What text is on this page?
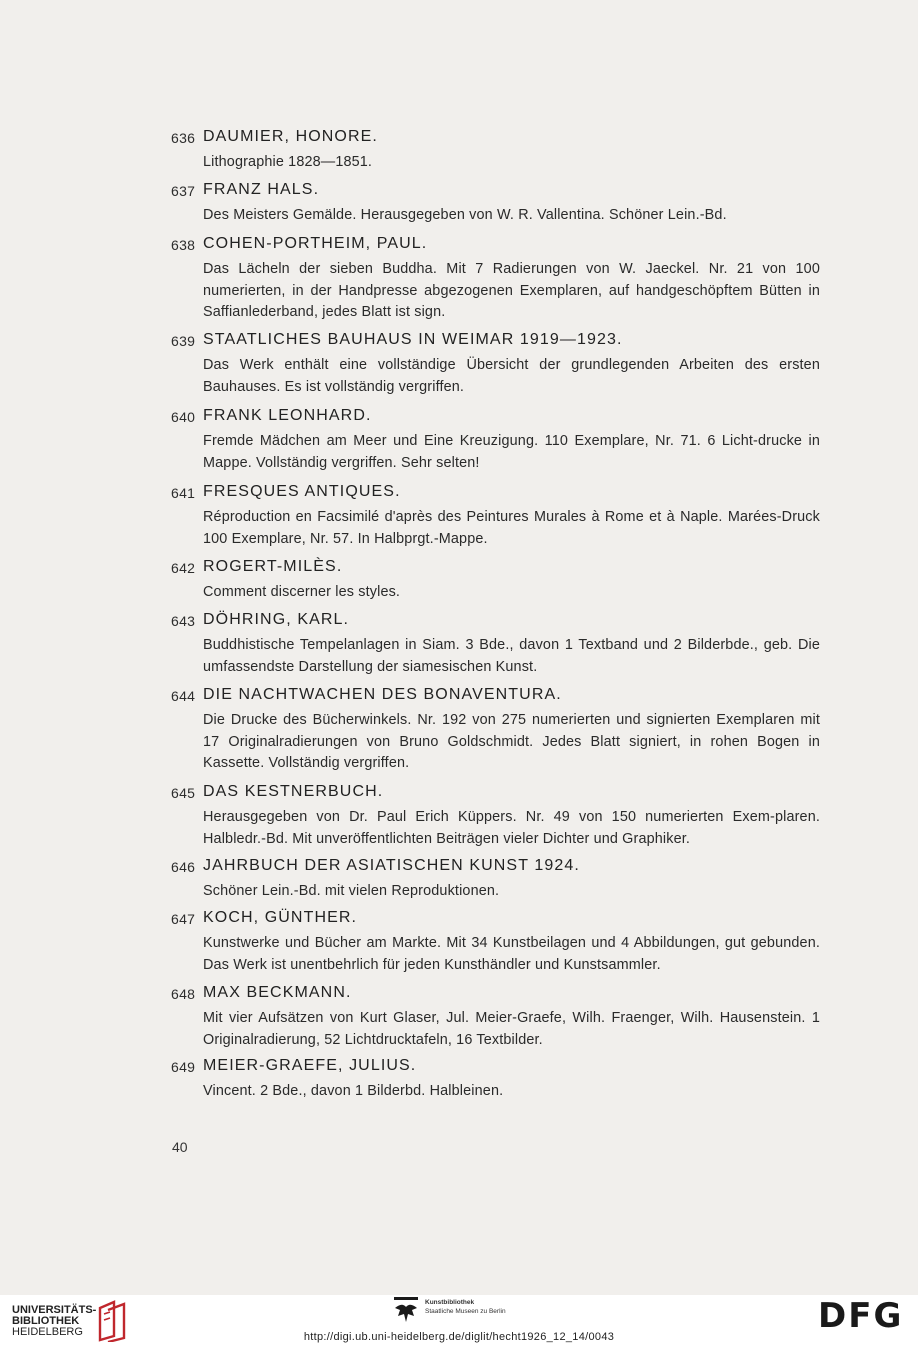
636 DAUMIER, HONORE.
Lithographie 1828—1851.
637 FRANZ HALS.
Des Meisters Gemälde. Herausgegeben von W. R. Vallentina. Schöner Lein.-Bd.
638 COHEN-PORTHEIM, PAUL.
Das Lächeln der sieben Buddha. Mit 7 Radierungen von W. Jaeckel. Nr. 21 von 100 numerierten, in der Handpresse abgezogenen Exemplaren, auf handgeschöpftem Bütten in Saffianlederband, jedes Blatt ist sign.
639 STAATLICHES BAUHAUS IN WEIMAR 1919—1923.
Das Werk enthält eine vollständige Übersicht der grundlegenden Arbeiten des ersten Bauhauses. Es ist vollständig vergriffen.
640 FRANK LEONHARD.
Fremde Mädchen am Meer und Eine Kreuzigung. 110 Exemplare, Nr. 71. 6 Licht-drucke in Mappe. Vollständig vergriffen. Sehr selten!
641 FRESQUES ANTIQUES.
Réproduction en Facsimilé d'après des Peintures Murales à Rome et à Naple. Marées-Druck 100 Exemplare, Nr. 57. In Halbprgt.-Mappe.
642 ROGERT-MILÈS.
Comment discerner les styles.
643 DÖHRING, KARL.
Buddhistische Tempelanlagen in Siam. 3 Bde., davon 1 Textband und 2 Bilderbde., geb. Die umfassendste Darstellung der siamesischen Kunst.
644 DIE NACHTWACHEN DES BONAVENTURA.
Die Drucke des Bücherwinkels. Nr. 192 von 275 numerierten und signierten Exemplaren mit 17 Originalradierungen von Bruno Goldschmidt. Jedes Blatt signiert, in rohen Bogen in Kassette. Vollständig vergriffen.
645 DAS KESTNERBUCH.
Herausgegeben von Dr. Paul Erich Küppers. Nr. 49 von 150 numerierten Exem-plaren. Halbledr.-Bd. Mit unveröffentlichten Beiträgen vieler Dichter und Graphiker.
646 JAHRBUCH DER ASIATISCHEN KUNST 1924.
Schöner Lein.-Bd. mit vielen Reproduktionen.
647 KOCH, GÜNTHER.
Kunstwerke und Bücher am Markte. Mit 34 Kunstbeilagen und 4 Abbildungen, gut gebunden. Das Werk ist unentbehrlich für jeden Kunsthändler und Kunstsammler.
648 MAX BECKMANN.
Mit vier Aufsätzen von Kurt Glaser, Jul. Meier-Graefe, Wilh. Fraenger, Wilh. Hausenstein. 1 Originalradierung, 52 Lichtdrucktafeln, 16 Textbilder.
649 MEIER-GRAEFE, JULIUS.
Vincent. 2 Bde., davon 1 Bilderbd. Halbleinen.
40
UNIVERSITÄTS-
BIBLIOTHEK
HEIDELBERG
Kunstbibliothek
Staatliche Museen zu Berlin	DFG
http://digi.ub.uni-heidelberg.de/diglit/hecht1926_12_14/0043
